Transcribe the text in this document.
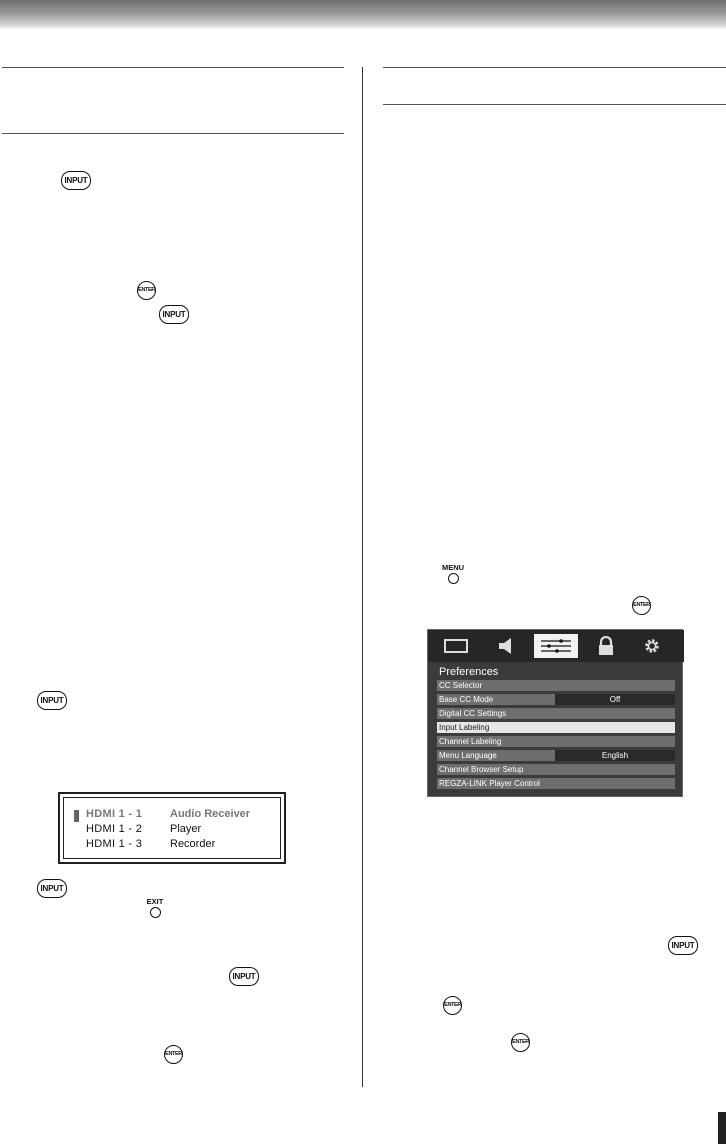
INPUT
ENTER
INPUT
INPUT
HDMI 1 - 1	Audio Receiver
HDMI 1 - 2	Player
HDMI 1 - 3	Recorder
INPUT
EXIT
INPUT
ENTER
MENU
ENTER
Preferences
CC Selector
Base CC Mode	Off
Digital CC Settings
Input Labeling
Channel Labeling
Menu Language	English
Channel Browser Setup
REGZA-LINK Player Control
INPUT
ENTER
ENTER
